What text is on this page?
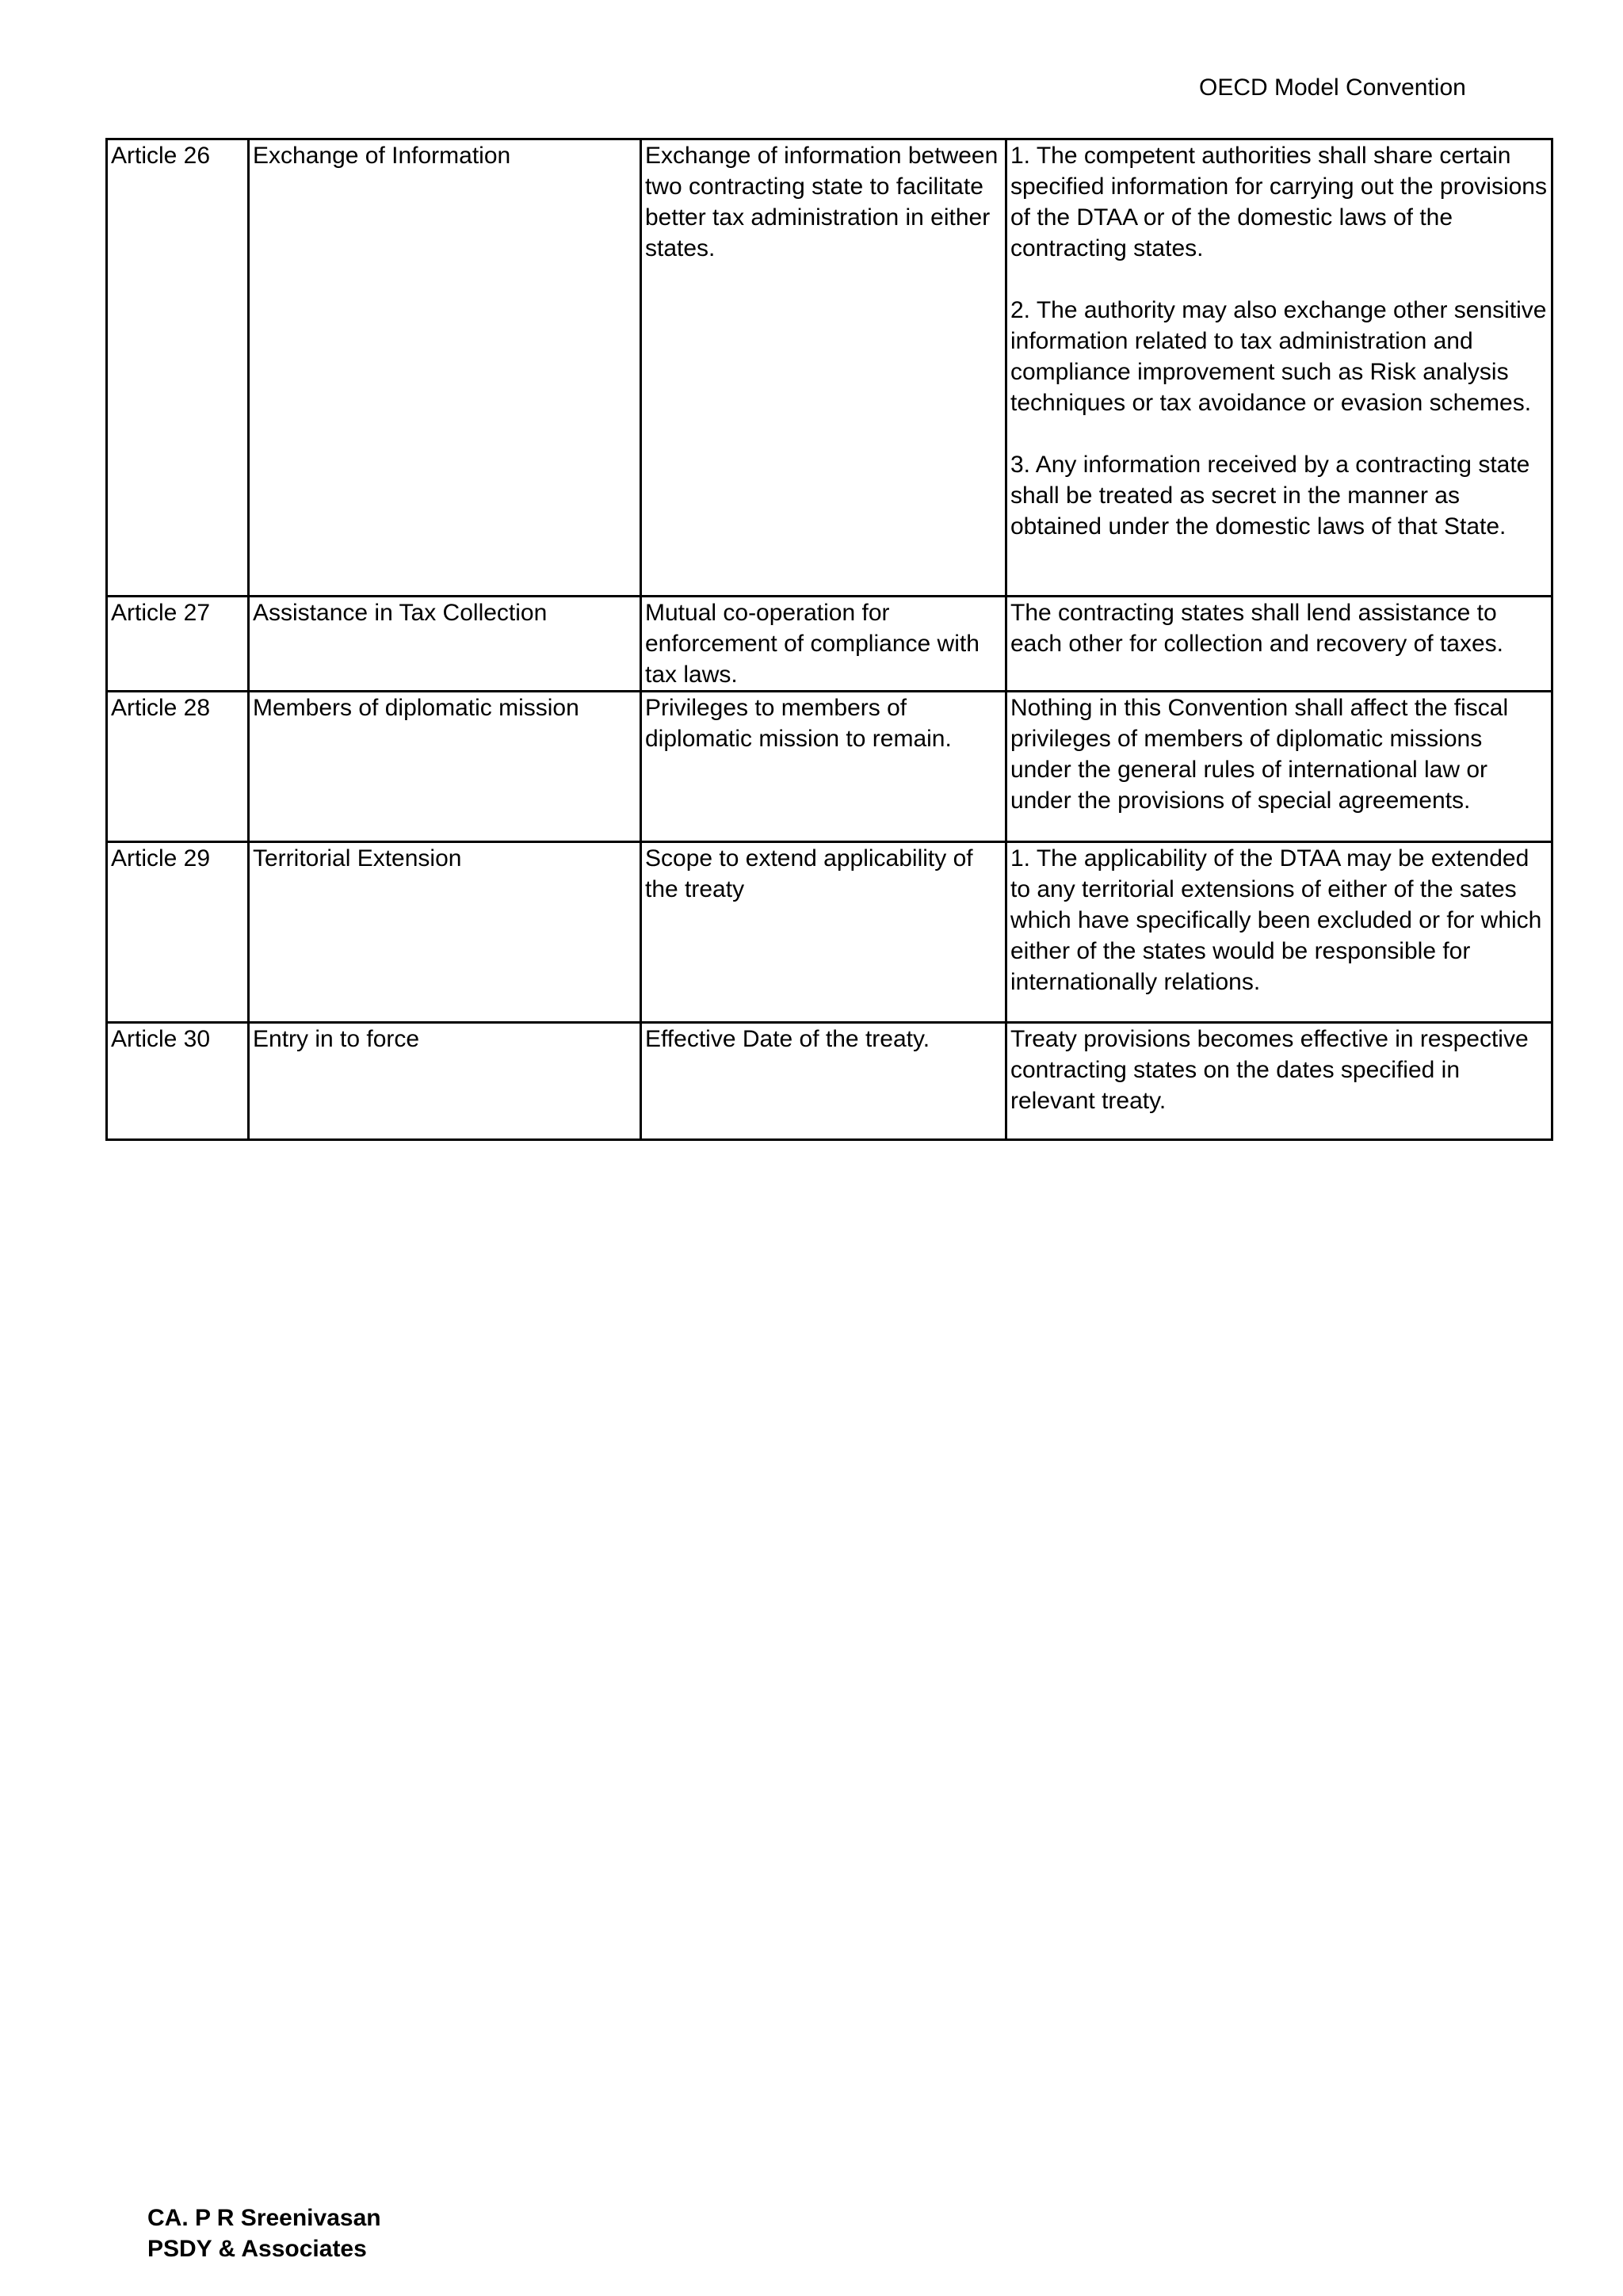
OECD Model Convention
Article 26	Exchange of Information	Exchange of information between two contracting state to facilitate better tax administration in either states.	1. The competent authorities shall share certain specified information for carrying out the provisions of the DTAA or of the domestic laws of the contracting states.

2. The authority may also exchange other sensitive information related to tax administration and compliance improvement such as Risk analysis techniques or tax avoidance or evasion schemes.

3. Any information received by a contracting state shall be treated as secret in the manner as obtained under the domestic laws of that State.

Article 27	Assistance in Tax Collection	Mutual co-operation for enforcement of compliance with tax laws.	The contracting states shall lend assistance to each other for collection and recovery of taxes.

Article 28	Members of diplomatic mission	Privileges to members of diplomatic mission to remain.	Nothing in this Convention shall affect the fiscal privileges of members of diplomatic missions under the general rules of international law or under the provisions of special agreements.

Article 29	Territorial Extension	Scope to extend applicability of the treaty	1. The applicability of the DTAA may be extended to any territorial extensions of either of the sates which have specifically been excluded or for which either of the states would be responsible for internationally relations.

Article 30	Entry in to force	Effective Date of the treaty.	Treaty provisions becomes effective in respective contracting states on the dates specified in relevant treaty.

CA. P R Sreenivasan
PSDY & Associates
